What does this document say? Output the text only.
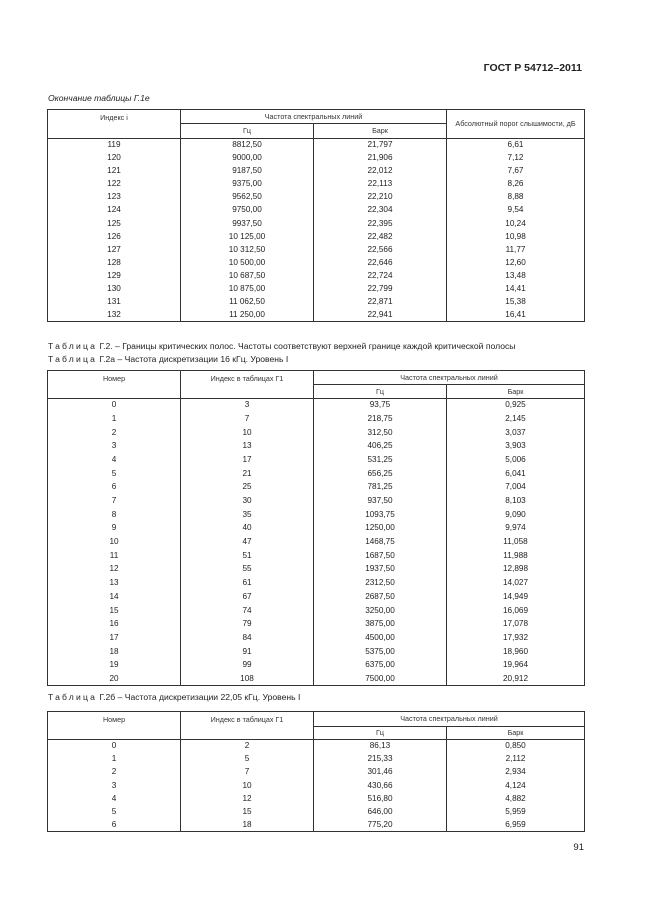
ГОСТ Р 54712–2011
Окончание таблицы Г.1е
Индекс i	Частота спектральных линий		Абсолютный порог слышимости, дБ
	Гц	Барк	
119	8812,50	21,797	6,61
120	9000,00	21,906	7,12
121	9187,50	22,012	7,67
122	9375,00	22,113	8,26
123	9562,50	22,210	8,88
124	9750,00	22,304	9,54
125	9937,50	22,395	10,24
126	10 125,00	22,482	10,98
127	10 312,50	22,566	11,77
128	10 500,00	22,646	12,60
129	10 687,50	22,724	13,48
130	10 875,00	22,799	14,41
131	11 062,50	22,871	15,38
132	11 250,00	22,941	16,41
Таблица Г.2. – Границы критических полос. Частоты соответствуют верхней границе каждой критической полосы
Таблица Г.2а – Частота дискретизации 16 кГц. Уровень I
Номер	Индекс в таблицах Г1	Частота спектральных линий	
		Гц	Барк
0	3	93,75	0,925
1	7	218,75	2,145
2	10	312,50	3,037
3	13	406,25	3,903
4	17	531,25	5,006
5	21	656,25	6,041
6	25	781,25	7,004
7	30	937,50	8,103
8	35	1093,75	9,090
9	40	1250,00	9,974
10	47	1468,75	11,058
11	51	1687,50	11,988
12	55	1937,50	12,898
13	61	2312,50	14,027
14	67	2687,50	14,949
15	74	3250,00	16,069
16	79	3875,00	17,078
17	84	4500,00	17,932
18	91	5375,00	18,960
19	99	6375,00	19,964
20	108	7500,00	20,912
Таблица Г.2б – Частота дискретизации 22,05 кГц. Уровень I
Номер	Индекс в таблицах Г1	Частота спектральных линий	
		Гц	Барк
0	2	86,13	0,850
1	5	215,33	2,112
2	7	301,46	2,934
3	10	430,66	4,124
4	12	516,80	4,882
5	15	646,00	5,959
6	18	775,20	6,959
91
